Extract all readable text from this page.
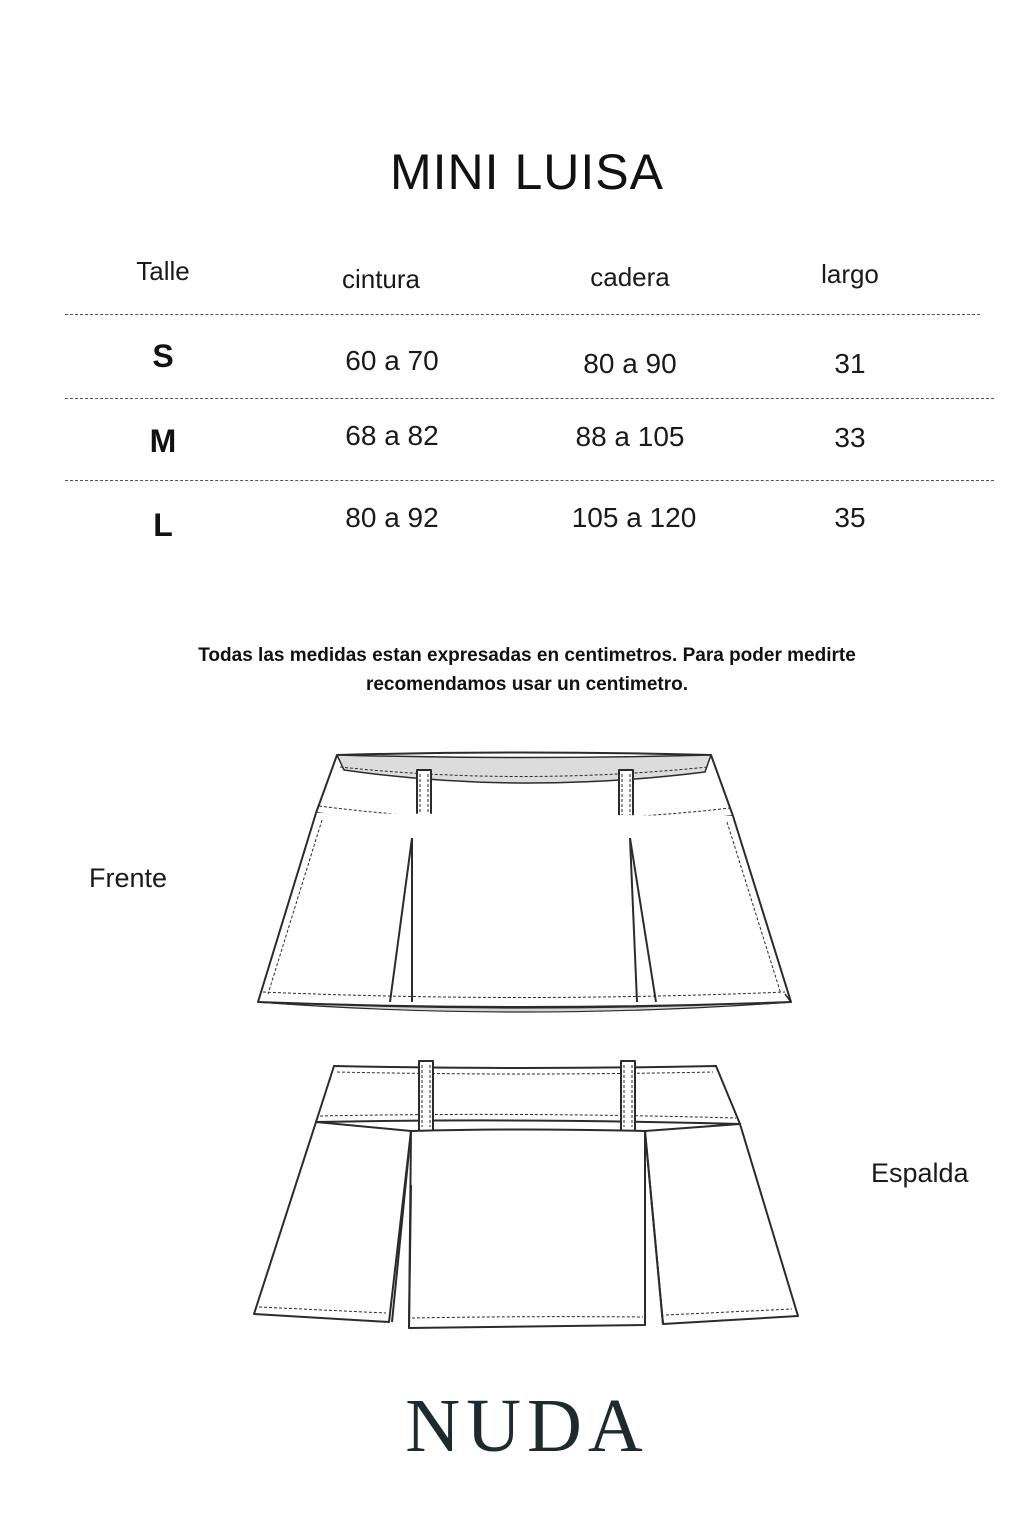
MINI LUISA
Talle	cintura	cadera	largo
S	60 a 70	80 a 90	31
M	68 a 82	88 a 105	33
L	80 a 92	105 a 120	35
Todas las medidas estan expresadas en centimetros. Para poder medirte
recomendamos usar un centimetro.
Frente
Espalda
NUDA
